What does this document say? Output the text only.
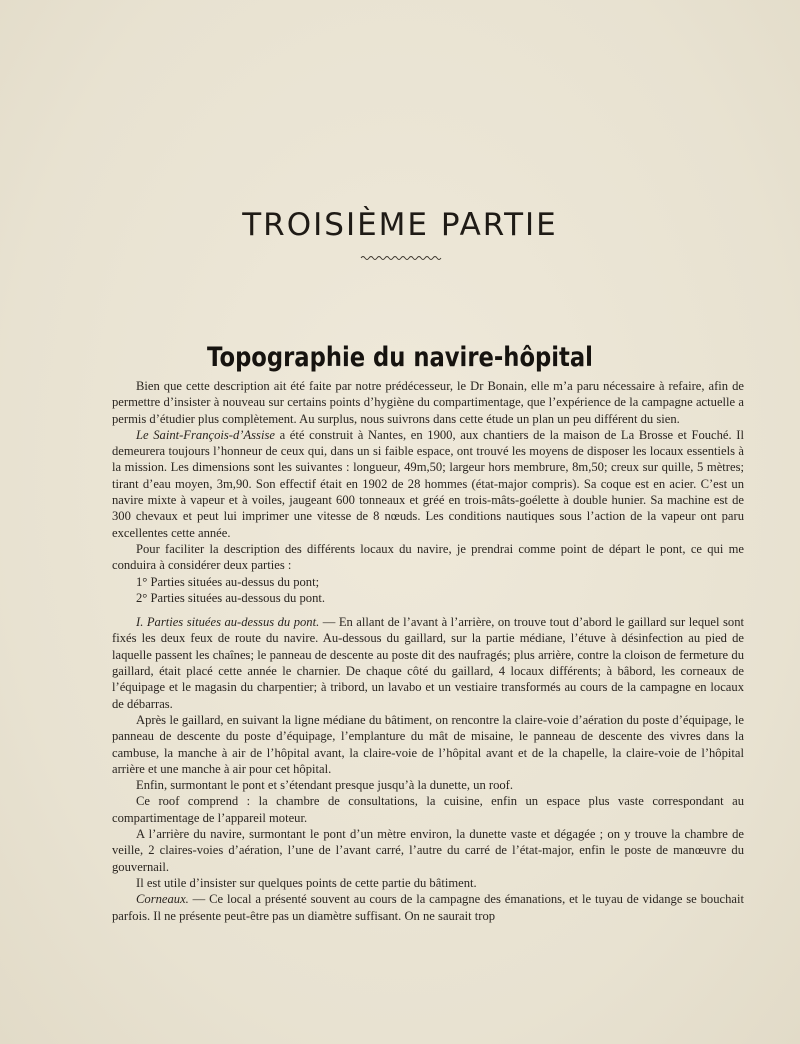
TROISIÈME PARTIE
Topographie du navire-hôpital

Bien que cette description ait été faite par notre prédécesseur, le Dr Bonain, elle m’a paru nécessaire à refaire, afin de permettre d’insister à nouveau sur certains points d’hygiène du compartimentage, que l’expérience de la campagne actuelle a permis d’étudier plus complètement. Au surplus, nous suivrons dans cette étude un plan un peu différent du sien.

Le Saint-François-d’Assise a été construit à Nantes, en 1900, aux chantiers de la maison de La Brosse et Fouché. Il demeurera toujours l’honneur de ceux qui, dans un si faible espace, ont trouvé les moyens de disposer les locaux essentiels à la mission. Les dimensions sont les suivantes : longueur, 49m,50; largeur hors membrure, 8m,50; creux sur quille, 5 mètres; tirant d’eau moyen, 3m,90. Son effectif était en 1902 de 28 hommes (état-major compris). Sa coque est en acier. C’est un navire mixte à vapeur et à voiles, jaugeant 600 tonneaux et gréé en trois-mâts-goélette à double hunier. Sa machine est de 300 chevaux et peut lui imprimer une vitesse de 8 nœuds. Les conditions nautiques sous l’action de la vapeur ont paru excellentes cette année.

Pour faciliter la description des différents locaux du navire, je prendrai comme point de départ le pont, ce qui me conduira à considérer deux parties :

1° Parties situées au-dessus du pont;

2° Parties situées au-dessous du pont.

I. Parties situées au-dessus du pont. — En allant de l’avant à l’arrière, on trouve tout d’abord le gaillard sur lequel sont fixés les deux feux de route du navire. Au-dessous du gaillard, sur la partie médiane, l’étuve à désinfection au pied de laquelle passent les chaînes; le panneau de descente au poste dit des naufragés; plus arrière, contre la cloison de fermeture du gaillard, était placé cette année le charnier. De chaque côté du gaillard, 4 locaux différents; à bâbord, les corneaux de l’équipage et le magasin du charpentier; à tribord, un lavabo et un vestiaire transformés au cours de la campagne en locaux de débarras.

Après le gaillard, en suivant la ligne médiane du bâtiment, on rencontre la claire-voie d’aération du poste d’équipage, le panneau de descente du poste d’équipage, l’emplanture du mât de misaine, le panneau de descente des vivres dans la cambuse, la manche à air de l’hôpital avant, la claire-voie de l’hôpital avant et de la chapelle, la claire-voie de l’hôpital arrière et une manche à air pour cet hôpital.

Enfin, surmontant le pont et s’étendant presque jusqu’à la dunette, un roof.

Ce roof comprend : la chambre de consultations, la cuisine, enfin un espace plus vaste correspondant au compartimentage de l’appareil moteur.

A l’arrière du navire, surmontant le pont d’un mètre environ, la dunette vaste et dégagée ; on y trouve la chambre de veille, 2 claires-voies d’aération, l’une de l’avant carré, l’autre du carré de l’état-major, enfin le poste de manœuvre du gouvernail.

Il est utile d’insister sur quelques points de cette partie du bâtiment.

Corneaux. — Ce local a présenté souvent au cours de la campagne des émanations, et le tuyau de vidange se bouchait parfois. Il ne présente peut-être pas un diamètre suffisant. On ne saurait trop
